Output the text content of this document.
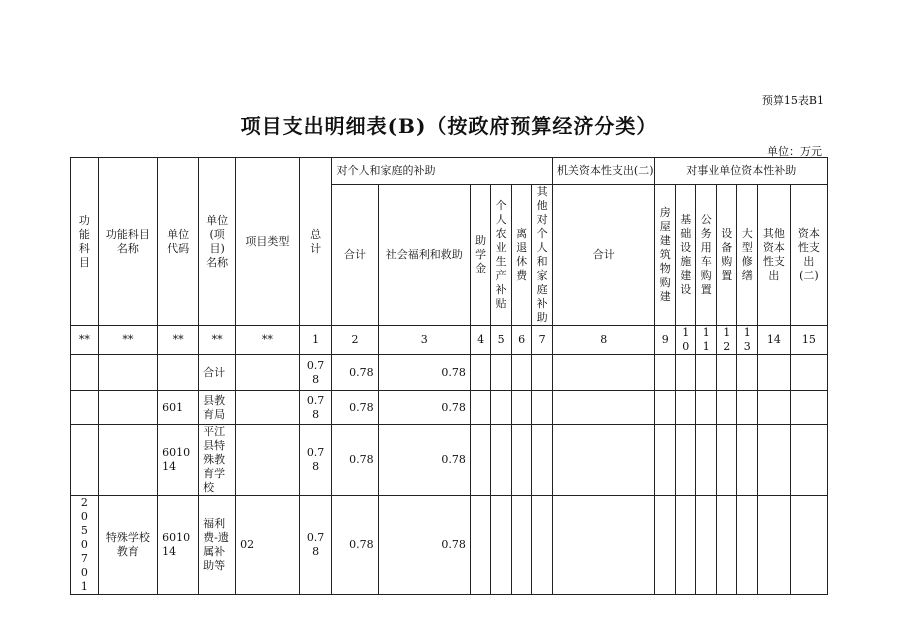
预算15表B1
项目支出明细表(B)（按政府预算经济分类）
单位：万元
功能科目	功能科目名称	单位代码	单位(项目)名称	项目类型	总计	对个人和家庭的补助						机关资本性支出(二)	对事业单位资本性补助						
						合计	社会福利和救助	助学金	个人农业生产补贴	离退休费	其他对个人和家庭补助	合计	房屋建筑物购建	基础设施建设	公务用车购置	设备购置	大型修缮	其他资本性支出	资本性支出(二)
**	**	**	**	**	1	2	3	4	5	6	7	8	9	10	11	12	13	14	15
			合计		0.78	0.78	0.78												
		601	县教育局		0.78	0.78	0.78												
		601014	平江县特殊教育学校		0.78	0.78	0.78												
2050701	特殊学校教育	601014	福利费-遗属补助等	02	0.78	0.78	0.78												
